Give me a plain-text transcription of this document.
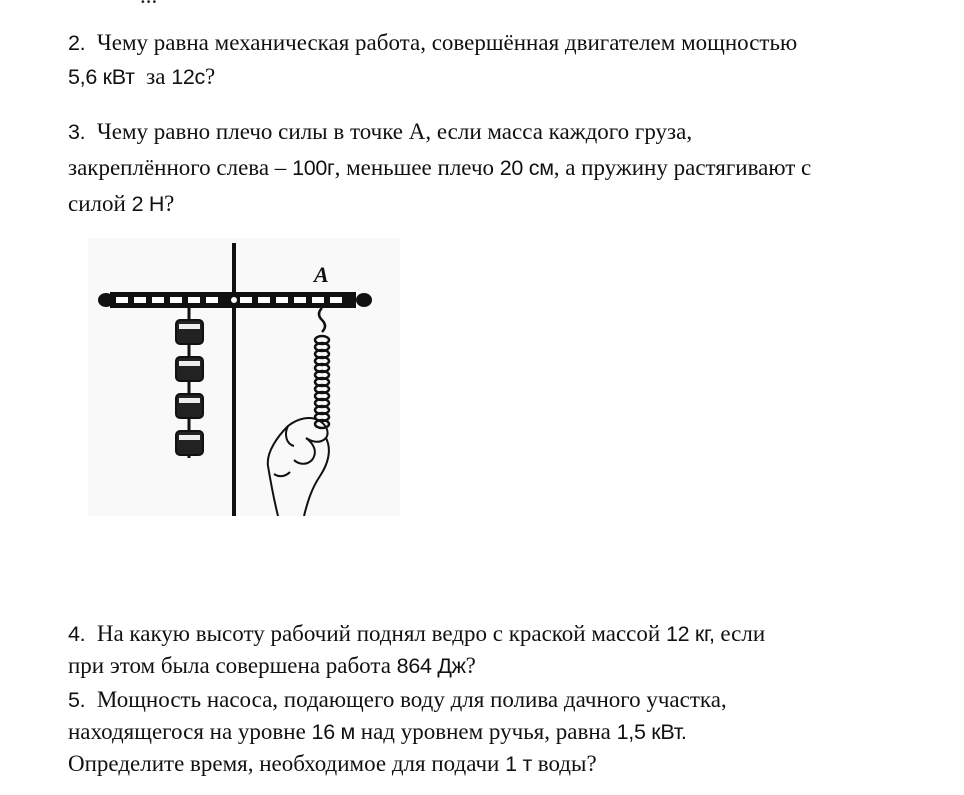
2. Чему равна механическая работа, совершённая двигателем мощностью
5,6 кВт за 12с?
3. Чему равно плечо силы в точке А, если масса каждого груза,
закреплённого слева – 100г, меньшее плечо 20 см, а пружину растягивают с
силой 2 Н?
A
4. На какую высоту рабочий поднял ведро с краской массой 12 кг, если
при этом была совершена работа 864 Дж?
5. Мощность насоса, подающего воду для полива дачного участка,
находящегося на уровне 16 м над уровнем ручья, равна 1,5 кВт.
Определите время, необходимое для подачи 1 т воды?
